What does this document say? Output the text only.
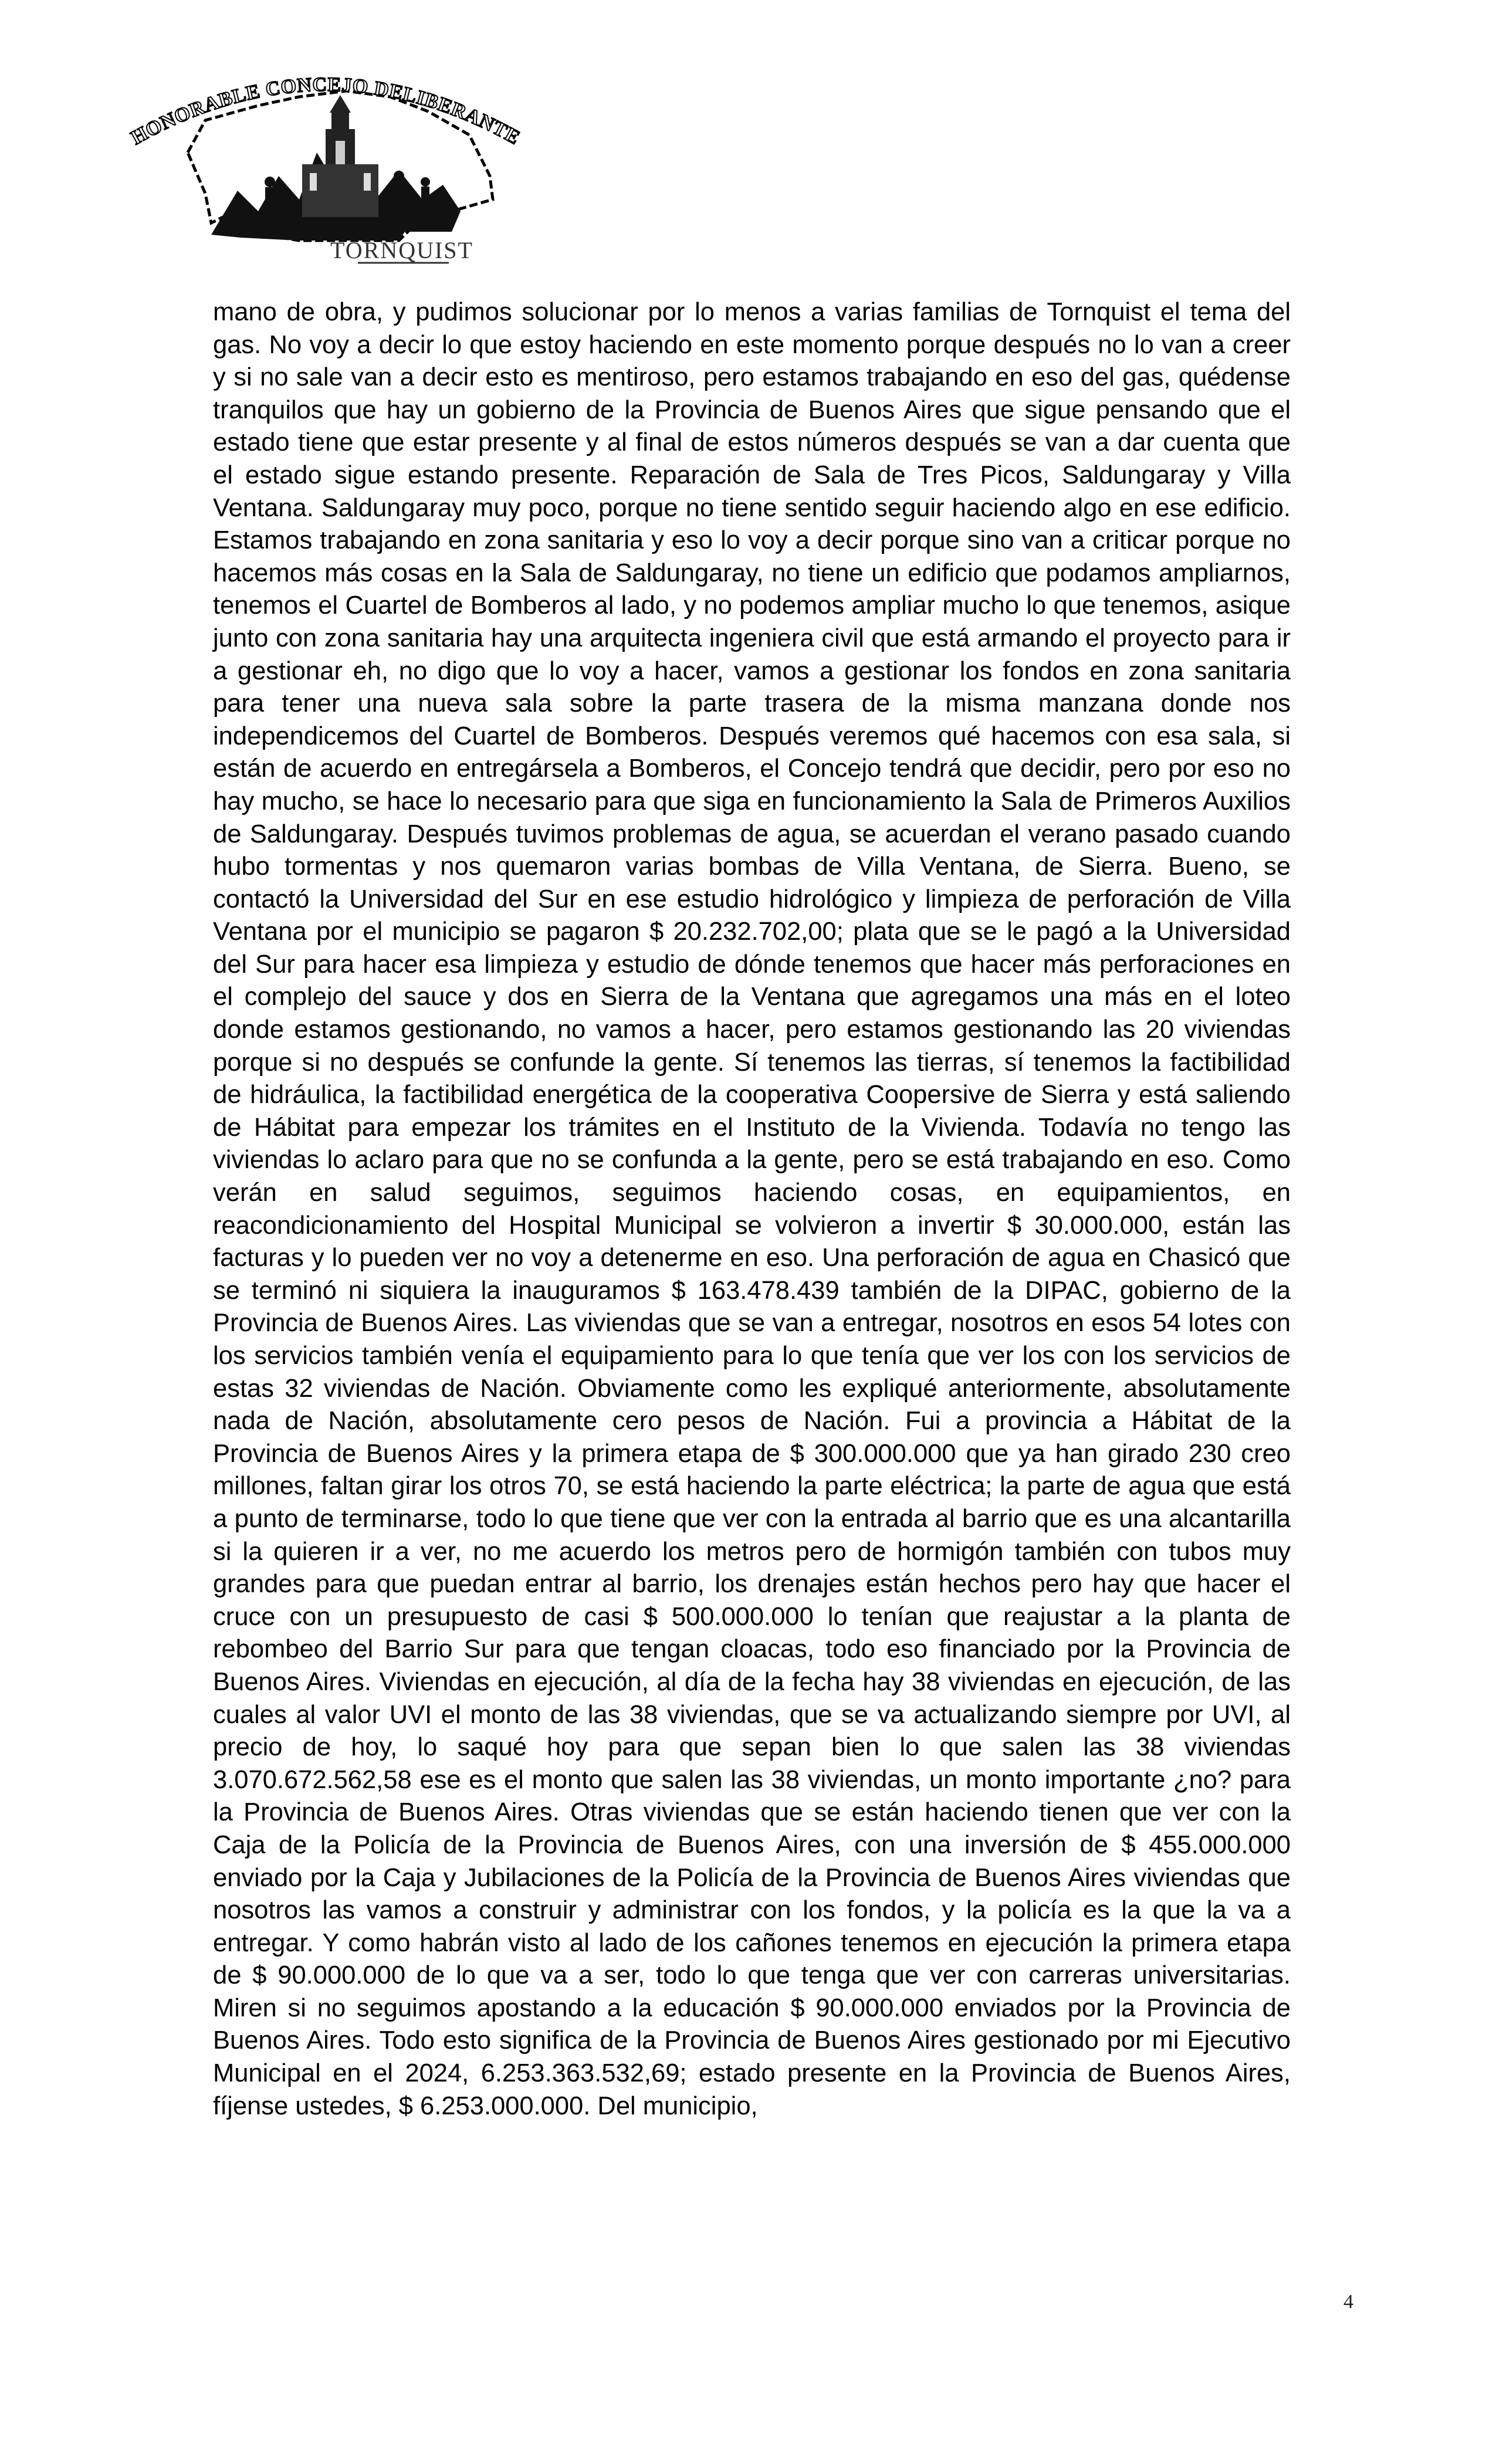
HONORABLE CONCEJO DELIBERANTE
TORNQUIST

mano de obra, y pudimos solucionar por lo menos a varias familias de Tornquist el tema del gas. No voy a decir lo que estoy haciendo en este momento porque después no lo van a creer y si no sale van a decir esto es mentiroso, pero estamos trabajando en eso del gas, quédense tranquilos que hay un gobierno de la Provincia de Buenos Aires que sigue pensando que el estado tiene que estar presente y al final de estos números después se van a dar cuenta que el estado sigue estando presente. Reparación de Sala de Tres Picos, Saldungaray y Villa Ventana. Saldungaray muy poco, porque no tiene sentido seguir haciendo algo en ese edificio. Estamos trabajando en zona sanitaria y eso lo voy a decir porque sino van a criticar porque no hacemos más cosas en la Sala de Saldungaray, no tiene un edificio que podamos ampliarnos, tenemos el Cuartel de Bomberos al lado, y no podemos ampliar mucho lo que tenemos, asique junto con zona sanitaria hay una arquitecta ingeniera civil que está armando el proyecto para ir a gestionar eh, no digo que lo voy a hacer, vamos a gestionar los fondos en zona sanitaria para tener una nueva sala sobre la parte trasera de la misma manzana donde nos independicemos del Cuartel de Bomberos. Después veremos qué hacemos con esa sala, si están de acuerdo en entregársela a Bomberos, el Concejo tendrá que decidir, pero por eso no hay mucho, se hace lo necesario para que siga en funcionamiento la Sala de Primeros Auxilios de Saldungaray. Después tuvimos problemas de agua, se acuerdan el verano pasado cuando hubo tormentas y nos quemaron varias bombas de Villa Ventana, de Sierra. Bueno, se contactó la Universidad del Sur en ese estudio hidrológico y limpieza de perforación de Villa Ventana por el municipio se pagaron $ 20.232.702,00; plata que se le pagó a la Universidad del Sur para hacer esa limpieza y estudio de dónde tenemos que hacer más perforaciones en el complejo del sauce y dos en Sierra de la Ventana que agregamos una más en el loteo donde estamos gestionando, no vamos a hacer, pero estamos gestionando las 20 viviendas porque si no después se confunde la gente. Sí tenemos las tierras, sí tenemos la factibilidad de hidráulica, la factibilidad energética de la cooperativa Coopersive de Sierra y está saliendo de Hábitat para empezar los trámites en el Instituto de la Vivienda. Todavía no tengo las viviendas lo aclaro para que no se confunda a la gente, pero se está trabajando en eso. Como verán en salud seguimos, seguimos haciendo cosas, en equipamientos, en reacondicionamiento del Hospital Municipal se volvieron a invertir $ 30.000.000, están las facturas y lo pueden ver no voy a detenerme en eso. Una perforación de agua en Chasicó que se terminó ni siquiera la inauguramos $ 163.478.439 también de la DIPAC, gobierno de la Provincia de Buenos Aires. Las viviendas que se van a entregar, nosotros en esos 54 lotes con los servicios también venía el equipamiento para lo que tenía que ver los con los servicios de estas 32 viviendas de Nación. Obviamente como les expliqué anteriormente, absolutamente nada de Nación, absolutamente cero pesos de Nación. Fui a provincia a Hábitat de la Provincia de Buenos Aires y la primera etapa de $ 300.000.000 que ya han girado 230 creo millones, faltan girar los otros 70, se está haciendo la parte eléctrica; la parte de agua que está a punto de terminarse, todo lo que tiene que ver con la entrada al barrio que es una alcantarilla si la quieren ir a ver, no me acuerdo los metros pero de hormigón también con tubos muy grandes para que puedan entrar al barrio, los drenajes están hechos pero hay que hacer el cruce con un presupuesto de casi $ 500.000.000 lo tenían que reajustar a la planta de rebombeo del Barrio Sur para que tengan cloacas, todo eso financiado por la Provincia de Buenos Aires. Viviendas en ejecución, al día de la fecha hay 38 viviendas en ejecución, de las cuales al valor UVI el monto de las 38 viviendas, que se va actualizando siempre por UVI, al precio de hoy, lo saqué hoy para que sepan bien lo que salen las 38 viviendas 3.070.672.562,58 ese es el monto que salen las 38 viviendas, un monto importante ¿no? para la Provincia de Buenos Aires. Otras viviendas que se están haciendo tienen que ver con la Caja de la Policía de la Provincia de Buenos Aires, con una inversión de $ 455.000.000 enviado por la Caja y Jubilaciones de la Policía de la Provincia de Buenos Aires viviendas que nosotros las vamos a construir y administrar con los fondos, y la policía es la que la va a entregar. Y como habrán visto al lado de los cañones tenemos en ejecución la primera etapa de $ 90.000.000 de lo que va a ser, todo lo que tenga que ver con carreras universitarias. Miren si no seguimos apostando a la educación $ 90.000.000 enviados por la Provincia de Buenos Aires. Todo esto significa de la Provincia de Buenos Aires gestionado por mi Ejecutivo Municipal en el 2024, 6.253.363.532,69; estado presente en la Provincia de Buenos Aires, fíjense ustedes, $ 6.253.000.000. Del municipio,

4
